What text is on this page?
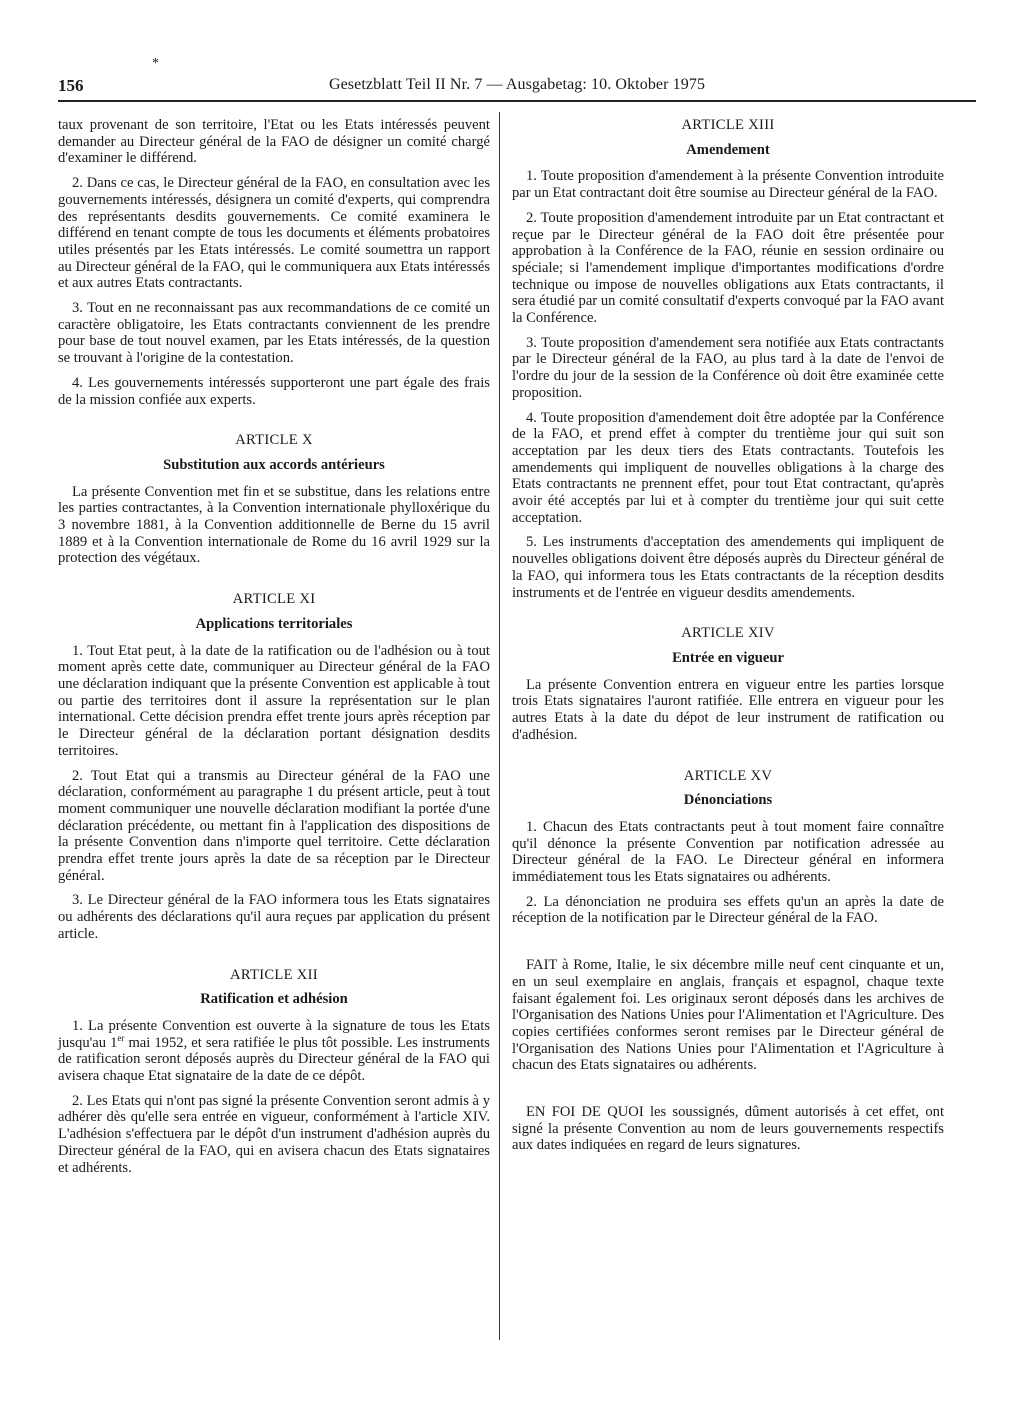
*
156	Gesetzblatt Teil II Nr. 7 — Ausgabetag: 10. Oktober 1975

taux provenant de son territoire, l'Etat ou les Etats intéressés peuvent demander au Directeur général de la FAO de désigner un comité chargé d'examiner le différend.

2. Dans ce cas, le Directeur général de la FAO, en consultation avec les gouvernements intéressés, désignera un comité d'experts, qui comprendra des représentants desdits gouvernements. Ce comité examinera le différend en tenant compte de tous les documents et éléments probatoires utiles présentés par les Etats intéressés. Le comité soumettra un rapport au Directeur général de la FAO, qui le communiquera aux Etats intéressés et aux autres Etats contractants.

3. Tout en ne reconnaissant pas aux recommandations de ce comité un caractère obligatoire, les Etats contractants conviennent de les prendre pour base de tout nouvel examen, par les Etats intéressés, de la question se trouvant à l'origine de la contestation.

4. Les gouvernements intéressés supporteront une part égale des frais de la mission confiée aux experts.

ARTICLE X
Substitution aux accords antérieurs

La présente Convention met fin et se substitue, dans les relations entre les parties contractantes, à la Convention internationale phylloxérique du 3 novembre 1881, à la Convention additionnelle de Berne du 15 avril 1889 et à la Convention internationale de Rome du 16 avril 1929 sur la protection des végétaux.

ARTICLE XI
Applications territoriales

1. Tout Etat peut, à la date de la ratification ou de l'adhésion ou à tout moment après cette date, communiquer au Directeur général de la FAO une déclaration indiquant que la présente Convention est applicable à tout ou partie des territoires dont il assure la représentation sur le plan international. Cette décision prendra effet trente jours après réception par le Directeur général de la déclaration portant désignation desdits territoires.

2. Tout Etat qui a transmis au Directeur général de la FAO une déclaration, conformément au paragraphe 1 du présent article, peut à tout moment communiquer une nouvelle déclaration modifiant la portée d'une déclaration précédente, ou mettant fin à l'application des dispositions de la présente Convention dans n'importe quel territoire. Cette déclaration prendra effet trente jours après la date de sa réception par le Directeur général.

3. Le Directeur général de la FAO informera tous les Etats signataires ou adhérents des déclarations qu'il aura reçues par application du présent article.

ARTICLE XII
Ratification et adhésion

1. La présente Convention est ouverte à la signature de tous les Etats jusqu'au 1er mai 1952, et sera ratifiée le plus tôt possible. Les instruments de ratification seront déposés auprès du Directeur général de la FAO qui avisera chaque Etat signataire de la date de ce dépôt.

2. Les Etats qui n'ont pas signé la présente Convention seront admis à y adhérer dès qu'elle sera entrée en vigueur, conformément à l'article XIV. L'adhésion s'effectuera par le dépôt d'un instrument d'adhésion auprès du Directeur général de la FAO, qui en avisera chacun des Etats signataires et adhérents.

ARTICLE XIII
Amendement

1. Toute proposition d'amendement à la présente Convention introduite par un Etat contractant doit être soumise au Directeur général de la FAO.

2. Toute proposition d'amendement introduite par un Etat contractant et reçue par le Directeur général de la FAO doit être présentée pour approbation à la Conférence de la FAO, réunie en session ordinaire ou spéciale; si l'amendement implique d'importantes modifications d'ordre technique ou impose de nouvelles obligations aux Etats contractants, il sera étudié par un comité consultatif d'experts convoqué par la FAO avant la Conférence.

3. Toute proposition d'amendement sera notifiée aux Etats contractants par le Directeur général de la FAO, au plus tard à la date de l'envoi de l'ordre du jour de la session de la Conférence où doit être examinée cette proposition.

4. Toute proposition d'amendement doit être adoptée par la Conférence de la FAO, et prend effet à compter du trentième jour qui suit son acceptation par les deux tiers des Etats contractants. Toutefois les amendements qui impliquent de nouvelles obligations à la charge des Etats contractants ne prennent effet, pour tout Etat contractant, qu'après avoir été acceptés par lui et à compter du trentième jour qui suit cette acceptation.

5. Les instruments d'acceptation des amendements qui impliquent de nouvelles obligations doivent être déposés auprès du Directeur général de la FAO, qui informera tous les Etats contractants de la réception desdits instruments et de l'entrée en vigueur desdits amendements.

ARTICLE XIV
Entrée en vigueur

La présente Convention entrera en vigueur entre les parties lorsque trois Etats signataires l'auront ratifiée. Elle entrera en vigueur pour les autres Etats à la date du dépot de leur instrument de ratification ou d'adhésion.

ARTICLE XV
Dénonciations

1. Chacun des Etats contractants peut à tout moment faire connaître qu'il dénonce la présente Convention par notification adressée au Directeur général de la FAO. Le Directeur général en informera immédiatement tous les Etats signataires ou adhérents.

2. La dénonciation ne produira ses effets qu'un an après la date de réception de la notification par le Directeur général de la FAO.

FAIT à Rome, Italie, le six décembre mille neuf cent cinquante et un, en un seul exemplaire en anglais, français et espagnol, chaque texte faisant également foi. Les originaux seront déposés dans les archives de l'Organisation des Nations Unies pour l'Alimentation et l'Agriculture. Des copies certifiées conformes seront remises par le Directeur général de l'Organisation des Nations Unies pour l'Alimentation et l'Agriculture à chacun des Etats signataires ou adhérents.

EN FOI DE QUOI les soussignés, dûment autorisés à cet effet, ont signé la présente Convention au nom de leurs gouvernements respectifs aux dates indiquées en regard de leurs signatures.
